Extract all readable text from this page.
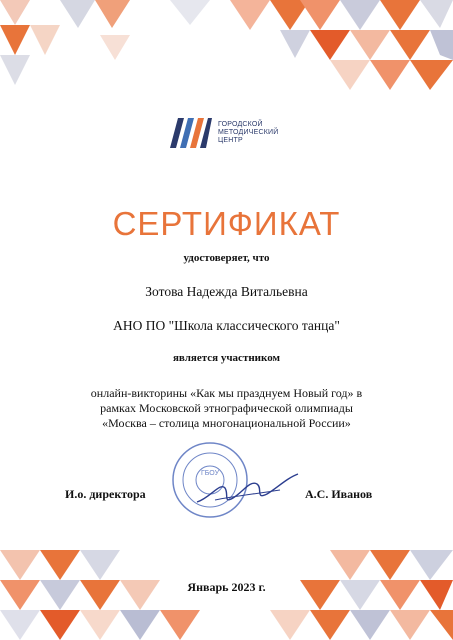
ГОРОДСКОЙ
МЕТОДИЧЕСКИЙ
ЦЕНТР
СЕРТИФИКАТ
удостоверяет, что
Зотова Надежда Витальевна
АНО ПО "Школа классического танца"
является участником
онлайн-викторины «Как мы празднуем Новый год» в
рамках Московской этнографической олимпиады
«Москва – столица многонациональной России»
ГБОУ
И.о. директора	А.С. Иванов
Январь 2023 г.
